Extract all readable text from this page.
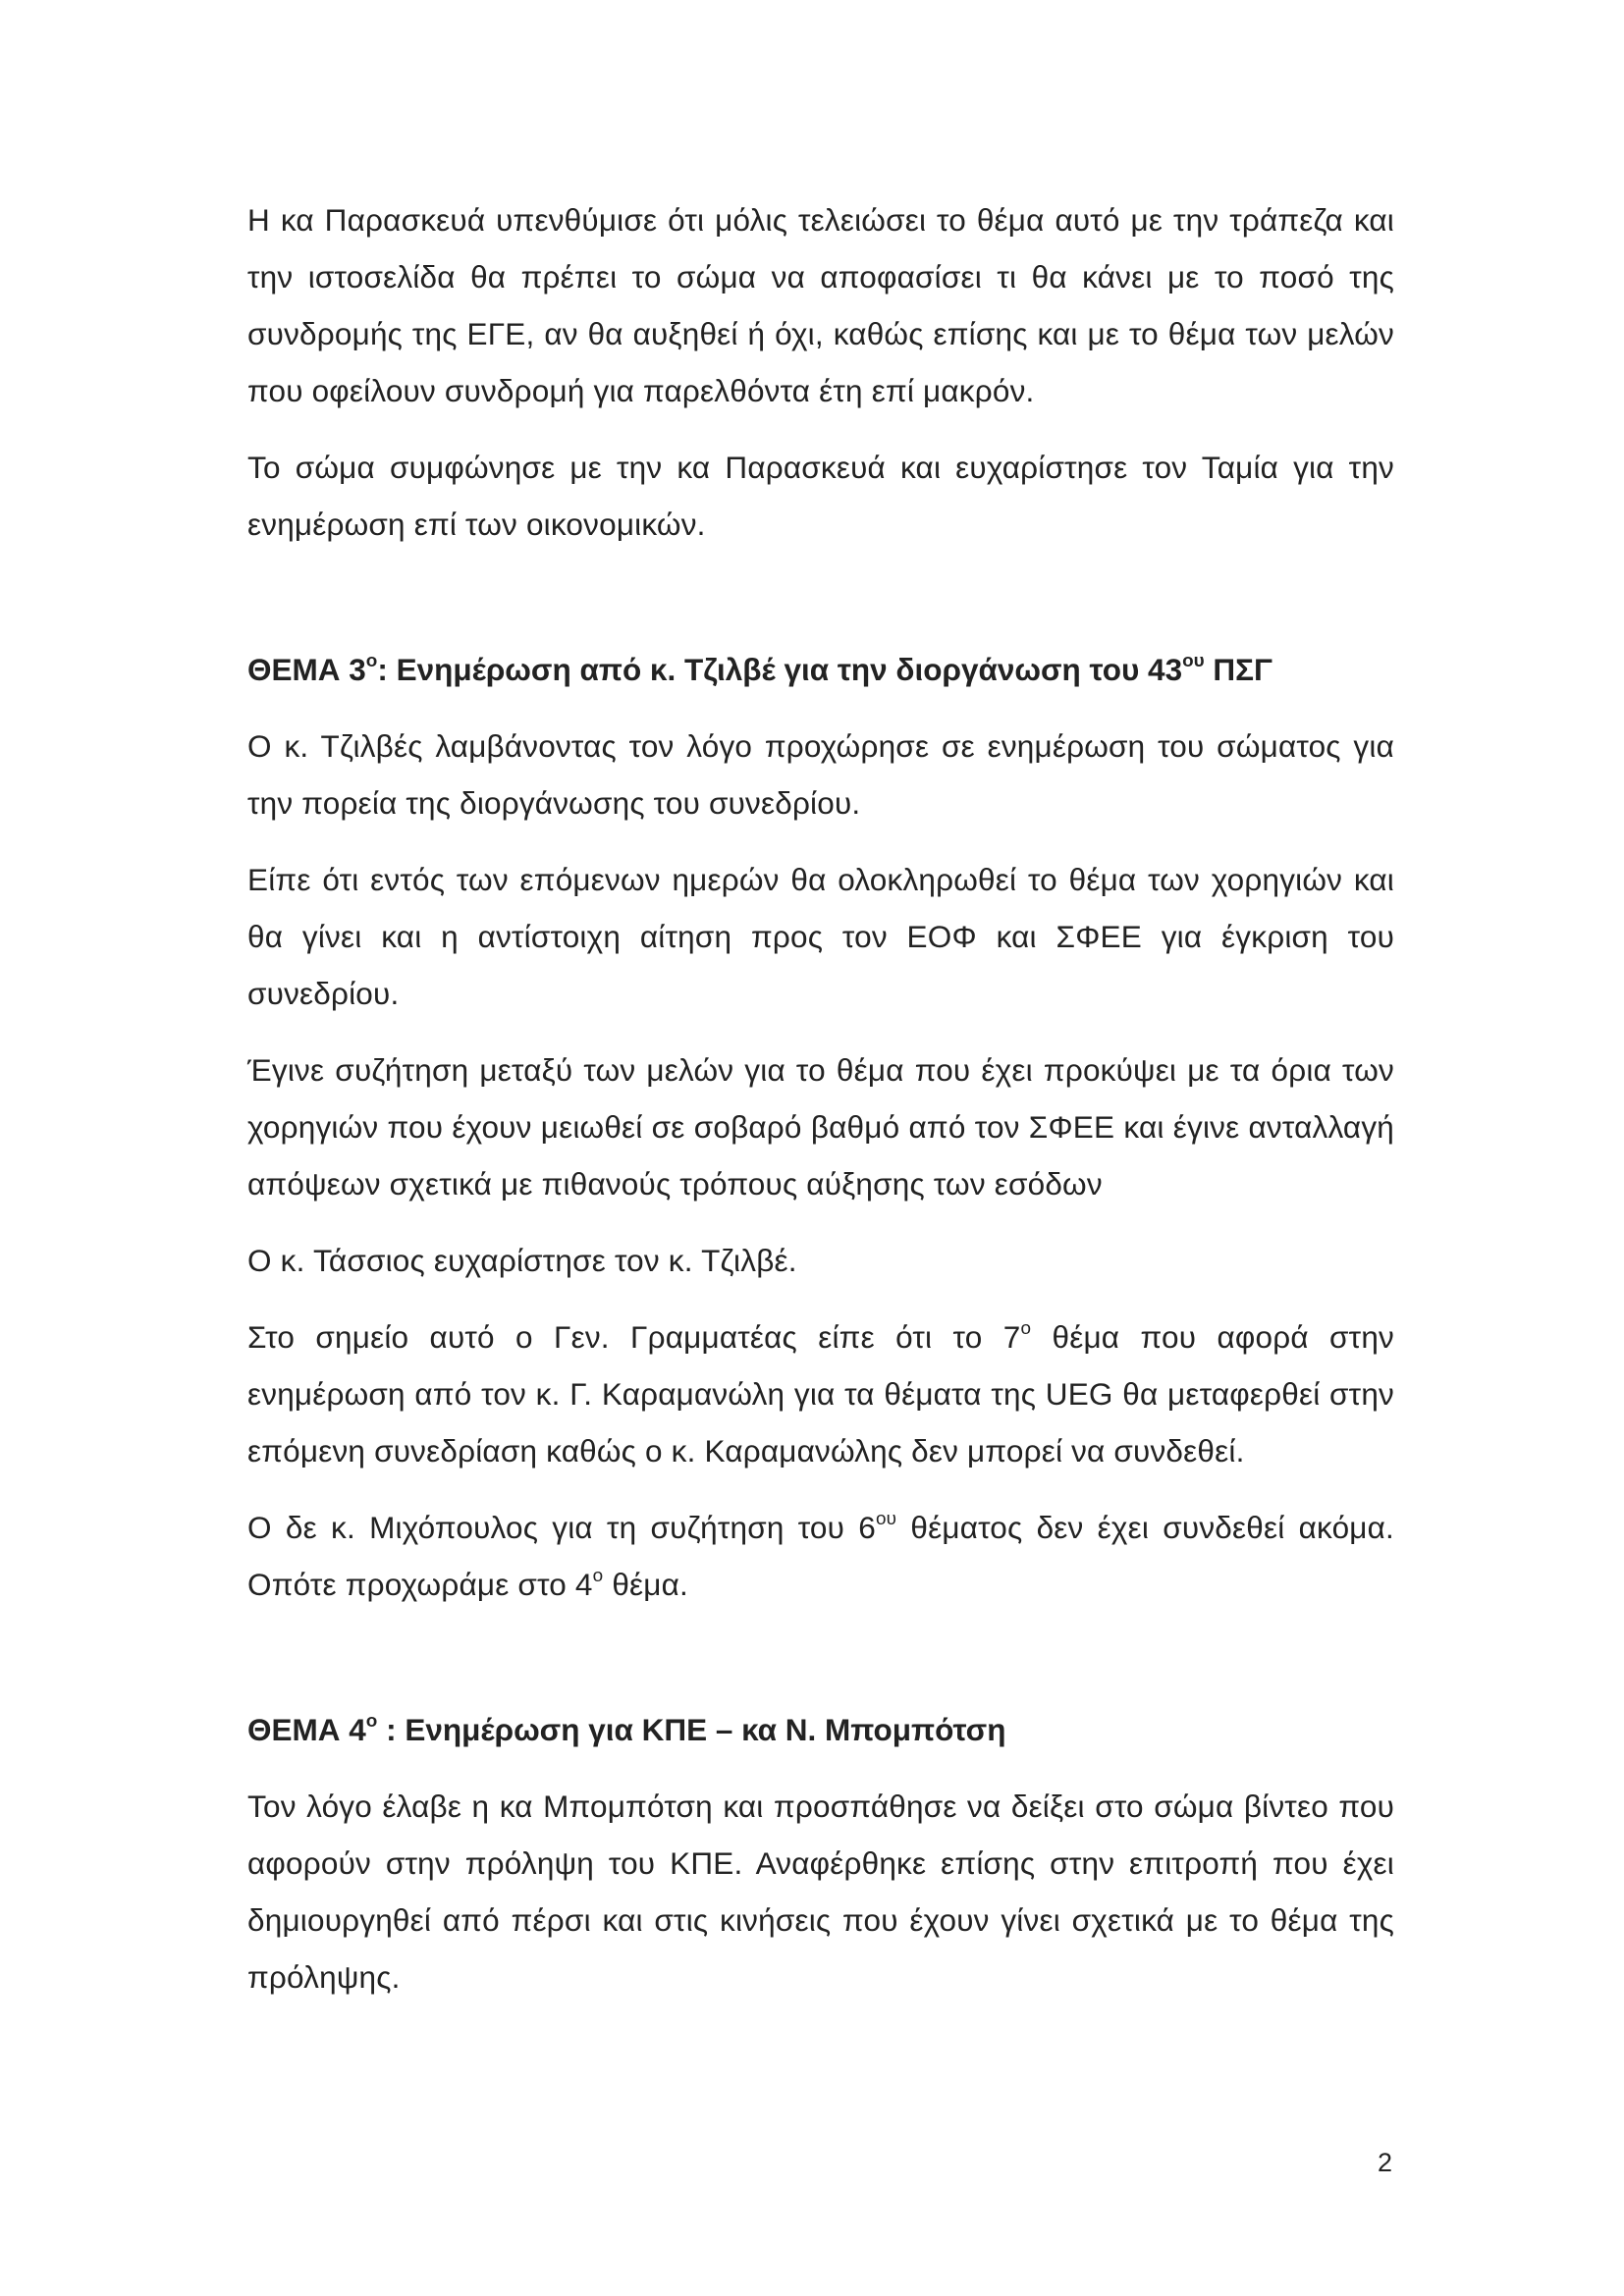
Η κα Παρασκευά υπενθύμισε ότι μόλις τελειώσει το θέμα αυτό με την τράπεζα και την ιστοσελίδα θα πρέπει το σώμα να αποφασίσει τι θα κάνει με το ποσό της συνδρομής της ΕΓΕ, αν θα αυξηθεί ή όχι, καθώς επίσης και με το θέμα των μελών που οφείλουν συνδρομή για παρελθόντα έτη επί μακρόν.

Το σώμα συμφώνησε με την κα Παρασκευά και ευχαρίστησε τον Ταμία για την ενημέρωση επί των οικονομικών.

ΘΕΜΑ $3^o$: Ενημέρωση από κ. Τζιλβέ για την διοργάνωση του $43^{o\upsilon}$ ΠΣΓ

Ο κ. Τζιλβές λαμβάνοντας τον λόγο προχώρησε σε ενημέρωση του σώματος για την πορεία της διοργάνωσης του συνεδρίου.

Είπε ότι εντός των επόμενων ημερών θα ολοκληρωθεί το θέμα των χορηγιών και θα γίνει και η αντίστοιχη αίτηση προς τον ΕΟΦ και ΣΦΕΕ για έγκριση του συνεδρίου.

Έγινε συζήτηση μεταξύ των μελών για το θέμα που έχει προκύψει με τα όρια των χορηγιών που έχουν μειωθεί σε σοβαρό βαθμό από τον ΣΦΕΕ και έγινε ανταλλαγή απόψεων σχετικά με πιθανούς τρόπους αύξησης των εσόδων

Ο κ. Τάσσιος ευχαρίστησε τον κ. Τζιλβέ.

Στο σημείο αυτό ο Γεν. Γραμματέας είπε ότι το $7^o$ θέμα που αφορά στην ενημέρωση από τον κ. Γ. Καραμανώλη για τα θέματα της UEG θα μεταφερθεί στην επόμενη συνεδρίαση καθώς ο κ. Καραμανώλης δεν μπορεί να συνδεθεί.

Ο δε κ. Μιχόπουλος για τη συζήτηση του $6^{o\upsilon}$ θέματος δεν έχει συνδεθεί ακόμα. Οπότε προχωράμε στο $4^o$ θέμα.

ΘΕΜΑ $4^o$ : Ενημέρωση για ΚΠΕ – κα Ν. Μπομπότση

Τον λόγο έλαβε η κα Μπομπότση και προσπάθησε να δείξει στο σώμα βίντεο που αφορούν στην πρόληψη του ΚΠΕ. Αναφέρθηκε επίσης στην επιτροπή που έχει δημιουργηθεί από πέρσι και στις κινήσεις που έχουν γίνει σχετικά με το θέμα της πρόληψης.

2
